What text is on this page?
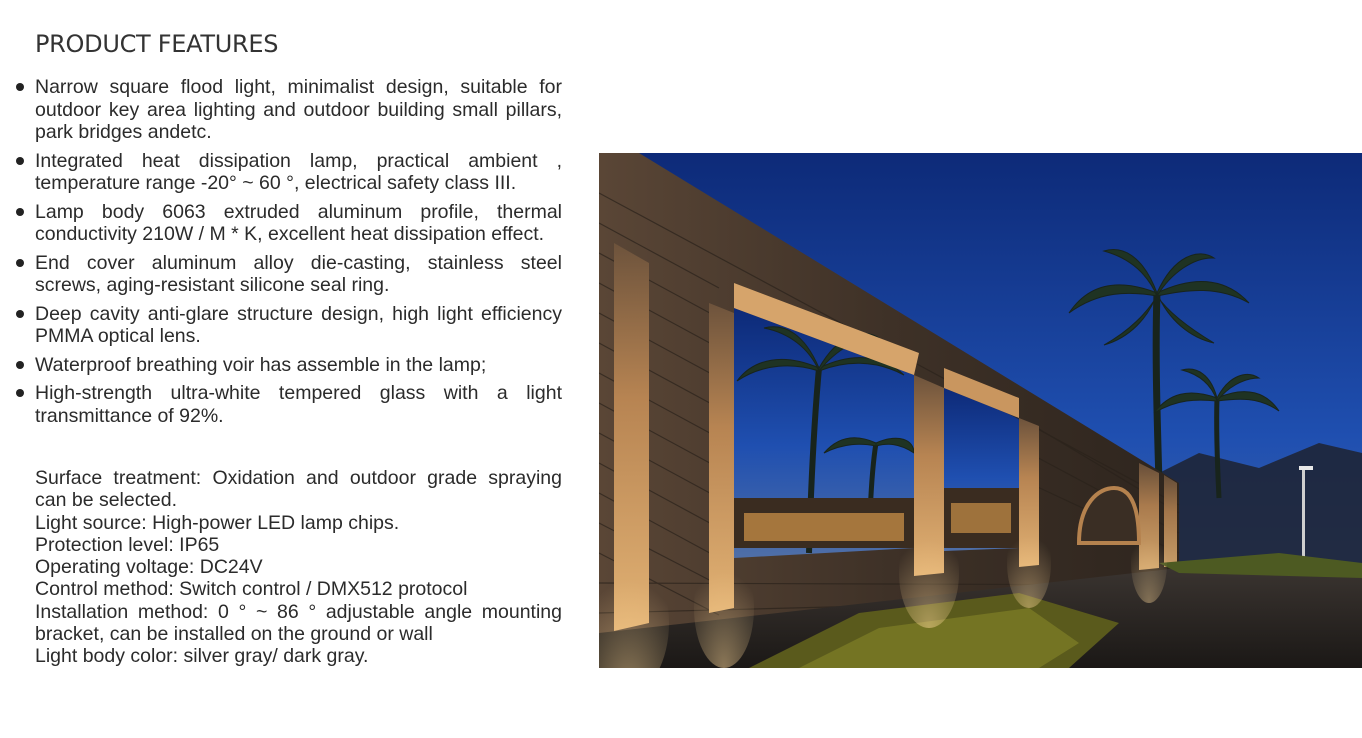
PRODUCT FEATURES
Narrow square flood light, minimalist design, suitable for outdoor key area lighting and outdoor building small pillars, park bridges andetc.
Integrated heat dissipation lamp, practical ambient , temperature range -20° ~ 60 °, electrical safety class III.
Lamp body 6063 extruded aluminum profile, thermal conductivity 210W / M * K, excellent heat dissipation effect.
End cover aluminum alloy die-casting, stainless steel screws, aging-resistant silicone seal ring.
Deep cavity anti-glare structure design, high light efficiency PMMA optical lens.
Waterproof breathing voir has assemble in the lamp;
High-strength ultra-white tempered glass with a light transmittance of 92%.
Surface treatment: Oxidation and outdoor grade spraying can be selected.
Light source: High-power LED lamp chips.
Protection level: IP65
Operating voltage: DC24V
Control method: Switch control / DMX512 protocol
Installation method: 0 ° ~ 86 ° adjustable angle mounting bracket, can be installed on the ground or wall
Light body color: silver gray/ dark gray.
